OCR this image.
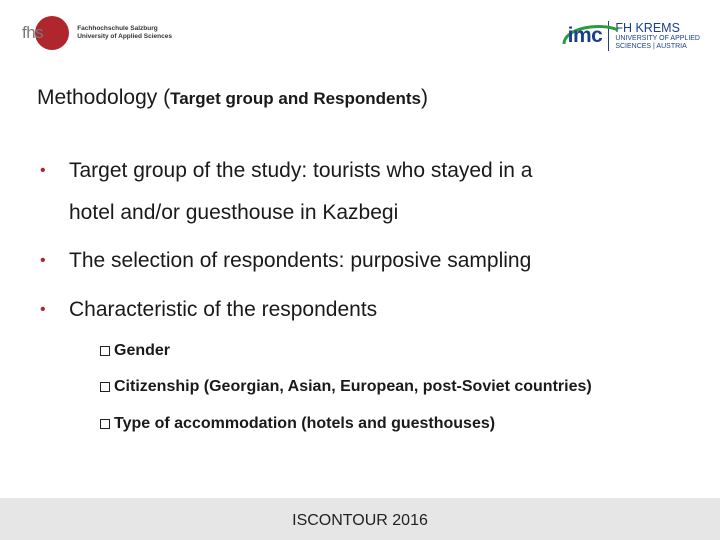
fhs	Fachhochschule Salzburg
University of Applied Sciences	imc FH KREMS
UNIVERSITY OF APPLIED
SCIENCES | AUSTRIA
Methodology (Target group and Respondents)
• Target group of the study: tourists who stayed in a
hotel and/or guesthouse in Kazbegi
• The selection of respondents: purposive sampling
• Characteristic of the respondents
Gender
Citizenship (Georgian, Asian, European, post-Soviet countries)
Type of accommodation (hotels and guesthouses)
ISCONTOUR 2016
